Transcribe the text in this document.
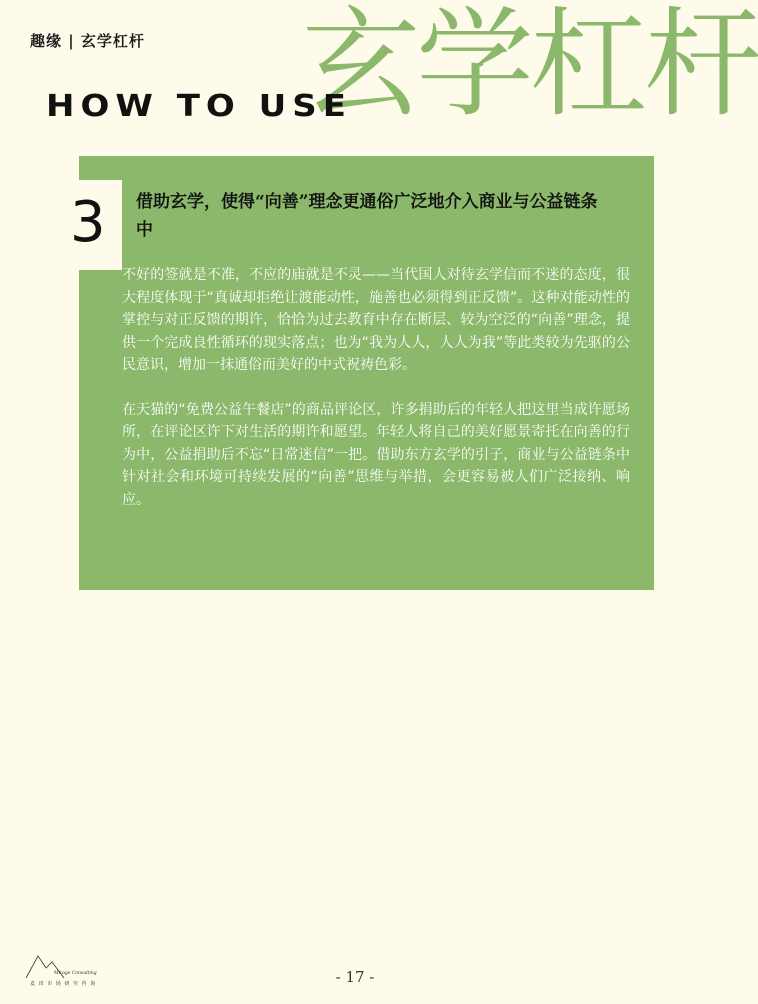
趣缘 | 玄学杠杆 玄学杠杆
HOW TO USE
3 借助玄学，使得“向善”理念更通俗广泛地介入商业与公益链条中

不好的签就是不准，不应的庙就是不灵——当代国人对待玄学信而不迷的态度，很大程度体现于“真诚却拒绝让渡能动性，施善也必须得到正反馈”。这种对能动性的掌控与对正反馈的期许，恰恰为过去教育中存在断层、较为空泛的“向善”理念，提供一个完成良性循环的现实落点；也为“我为人人，人人为我”等此类较为先驱的公民意识，增加一抹通俗而美好的中式祝祷色彩。

在天猫的“免费公益午餐店”的商品评论区，许多捐助后的年轻人把这里当成许愿场所，在评论区许下对生活的期许和愿望。年轻人将自己的美好愿景寄托在向善的行为中，公益捐助后不忘“日常迷信”一把。借助东方玄学的引子，商业与公益链条中针对社会和环境可持续发展的“向善”思维与举措，会更容易被人们广泛接纳、响应。

Mirage Consulting
麦 田 市 场 研 究 咨 询	- 17 -
